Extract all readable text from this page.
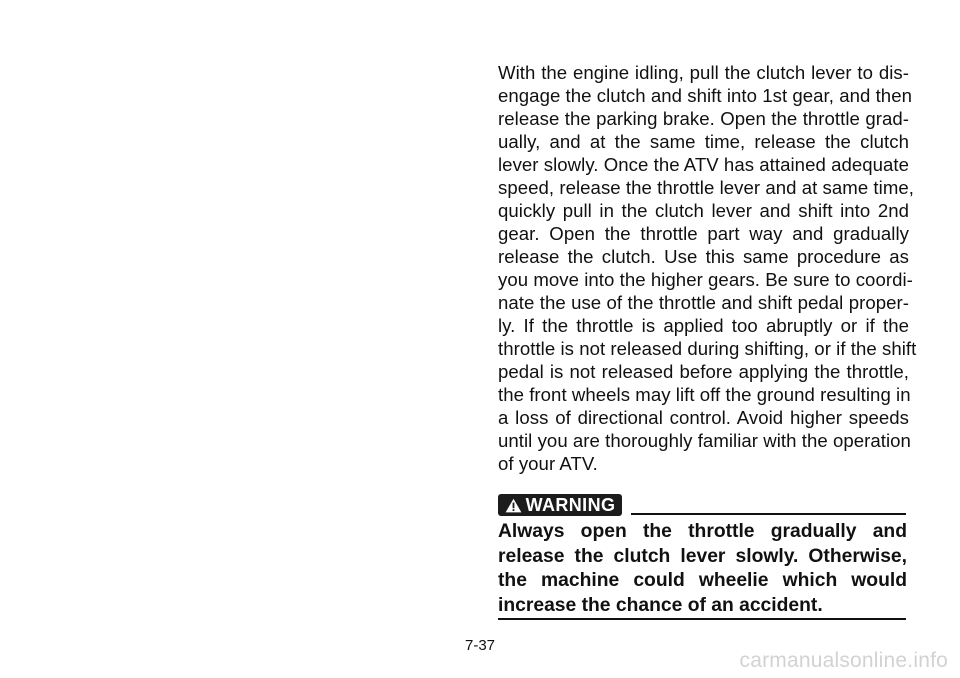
With the engine idling, pull the clutch lever to dis-
engage the clutch and shift into 1st gear, and then
release the parking brake. Open the throttle grad-
ually, and at the same time, release the clutch
lever slowly. Once the ATV has attained adequate
speed, release the throttle lever and at same time,
quickly pull in the clutch lever and shift into 2nd
gear. Open the throttle part way and gradually
release the clutch. Use this same procedure as
you move into the higher gears. Be sure to coordi-
nate the use of the throttle and shift pedal proper-
ly. If the throttle is applied too abruptly or if the
throttle is not released during shifting, or if the shift
pedal is not released before applying the throttle,
the front wheels may lift off the ground resulting in
a loss of directional control. Avoid higher speeds
until you are thoroughly familiar with the operation
of your ATV.
WARNING
Always open the throttle gradually and
release the clutch lever slowly. Otherwise,
the machine could wheelie which would
increase the chance of an accident.
7-37
carmanualsonline.info
